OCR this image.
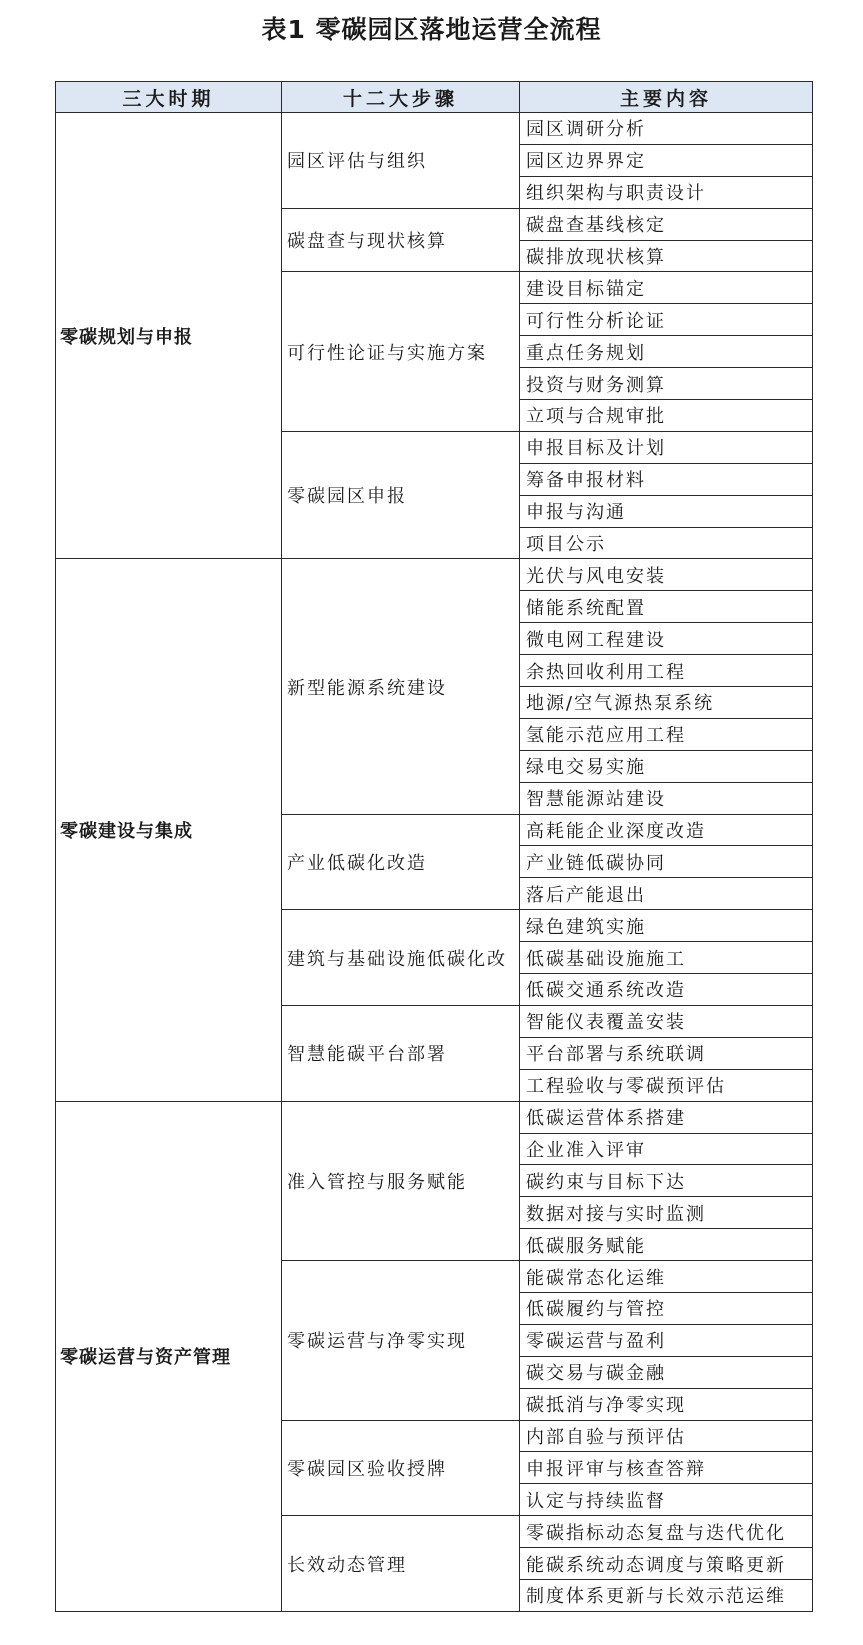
表1 零碳园区落地运营全流程
三大时期	十二大步骤	主要内容
零碳规划与申报	园区评估与组织	园区调研分析
		园区边界界定
		组织架构与职责设计
	碳盘查与现状核算	碳盘查基线核定
		碳排放现状核算
	可行性论证与实施方案	建设目标锚定
		可行性分析论证
		重点任务规划
		投资与财务测算
		立项与合规审批
	零碳园区申报	申报目标及计划
		筹备申报材料
		申报与沟通
		项目公示
零碳建设与集成	新型能源系统建设	光伏与风电安装
		储能系统配置
		微电网工程建设
		余热回收利用工程
		地源/空气源热泵系统
		氢能示范应用工程
		绿电交易实施
		智慧能源站建设
	产业低碳化改造	高耗能企业深度改造
		产业链低碳协同
		落后产能退出
	建筑与基础设施低碳化改	绿色建筑实施
		低碳基础设施施工
		低碳交通系统改造
	智慧能碳平台部署	智能仪表覆盖安装
		平台部署与系统联调
		工程验收与零碳预评估
零碳运营与资产管理	准入管控与服务赋能	低碳运营体系搭建
		企业准入评审
		碳约束与目标下达
		数据对接与实时监测
		低碳服务赋能
	零碳运营与净零实现	能碳常态化运维
		低碳履约与管控
		零碳运营与盈利
		碳交易与碳金融
		碳抵消与净零实现
	零碳园区验收授牌	内部自验与预评估
		申报评审与核查答辩
		认定与持续监督
	长效动态管理	零碳指标动态复盘与迭代优化
		能碳系统动态调度与策略更新
		制度体系更新与长效示范运维
